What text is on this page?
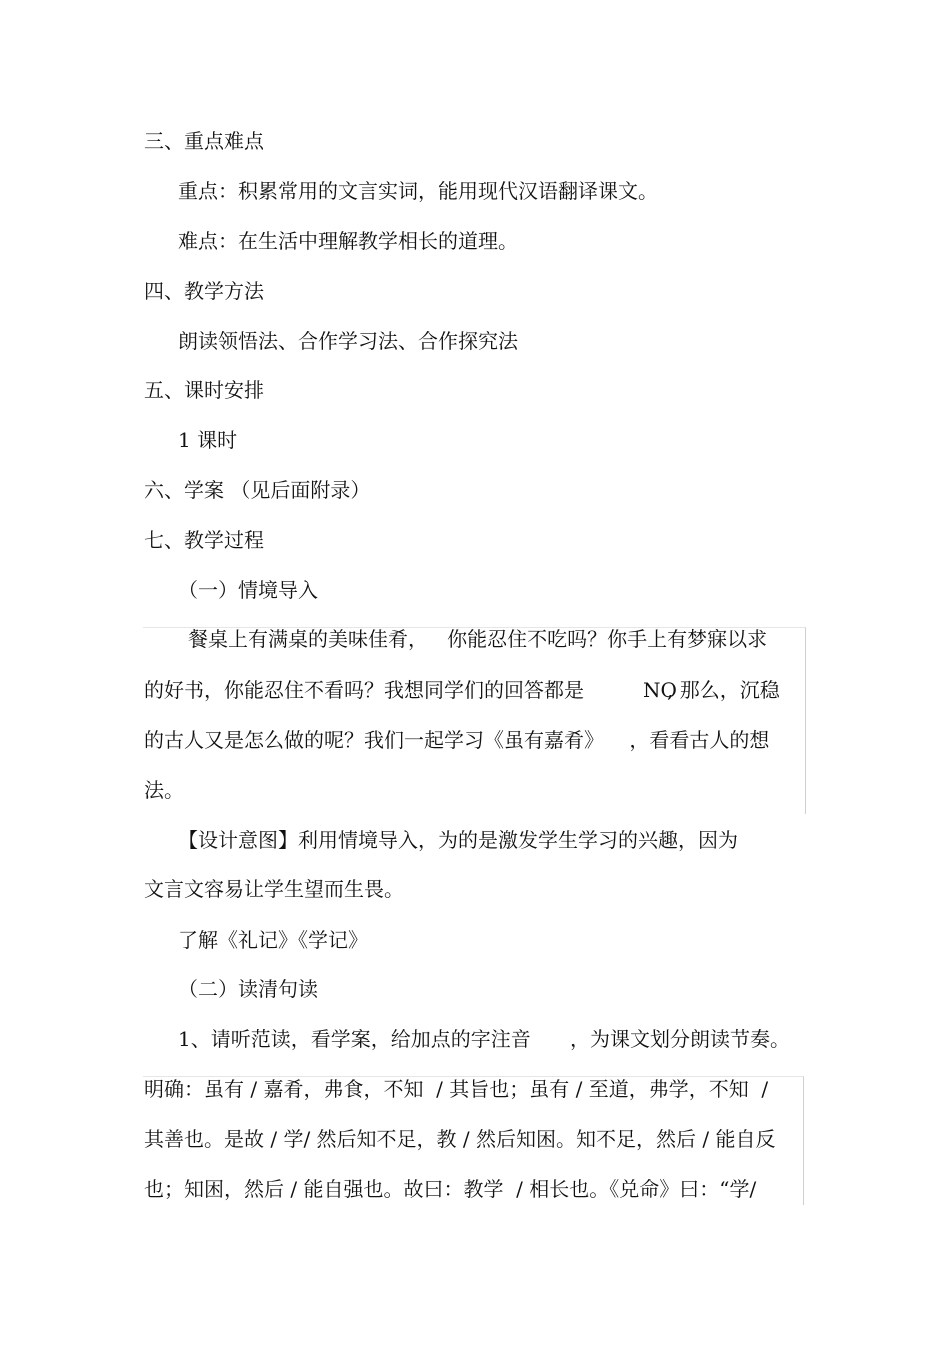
三、重点难点
重点：积累常用的文言实词，能用现代汉语翻译课文。
难点：在生活中理解教学相长的道理。
四、教学方法
朗读领悟法、合作学习法、合作探究法
五、课时安排
1 课时
六、学案 （见后面附录）
七、教学过程
（一）情境导入
餐桌上有满桌的美味佳肴，   你能忍住不吃吗？你手上有梦寐以求
的好书，你能忍住不看吗？我想同学们的回答都是	NO
, 那么，沉稳
的古人又是怎么做的呢？我们一起学习《虽有嘉肴》    ，看看古人的想
法。
【设计意图】利用情境导入，为的是激发学生学习的兴趣，因为
文言文容易让学生望而生畏。
了解《礼记》《学记》
（二）读清句读
1、请听范读，看学案，给加点的字注音 ，为课文划分朗读节奏。
明确：虽有 / 嘉肴，弗食，不知  / 其旨也；虽有 / 至道，弗学，不知  /
其善也。是故 / 学/ 然后知不足，教 / 然后知困。知不足，然后 / 能自反
也；知困，然后 / 能自强也。故曰：教学  / 相长也。《兑命》曰：“学/
